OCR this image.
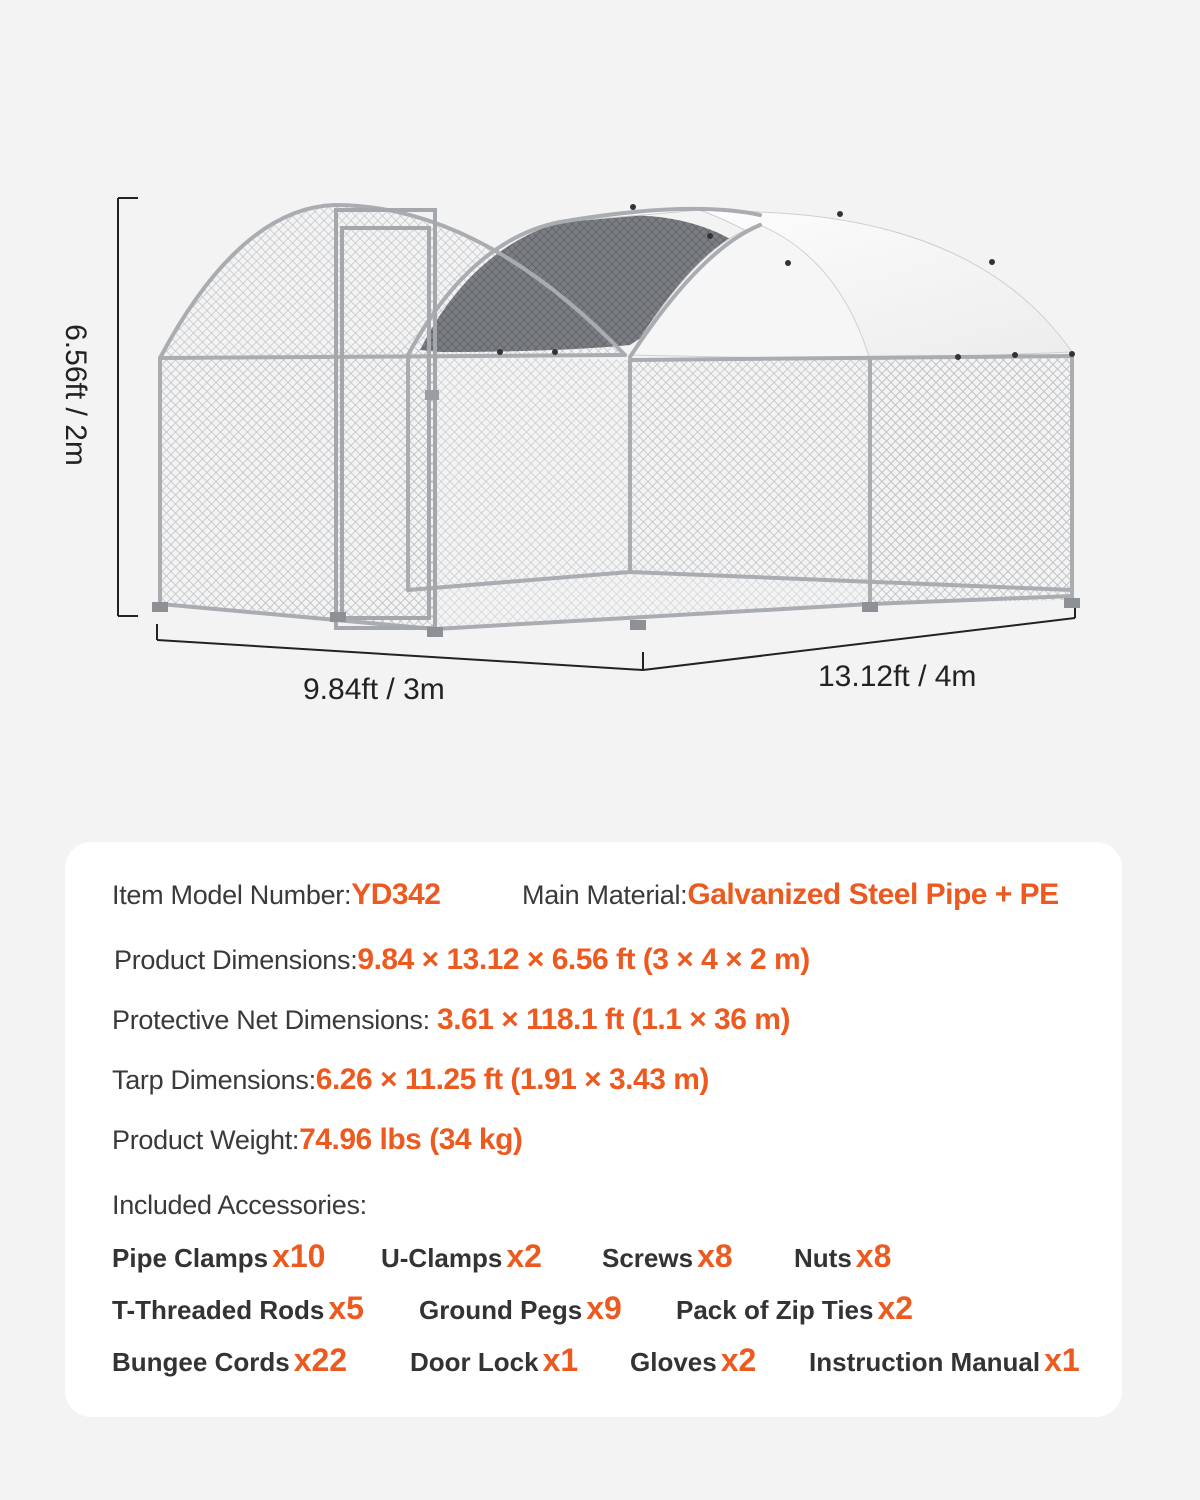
6.56ft / 2m
9.84ft / 3m	13.12ft / 4m
Item Model Number:YD342	Main Material:Galvanized Steel Pipe + PE
Product Dimensions:9.84 × 13.12 × 6.56 ft (3 × 4 × 2 m)
Protective Net Dimensions: 3.61 × 118.1 ft (1.1 × 36 m)
Tarp Dimensions:6.26 × 11.25 ft (1.91 × 3.43 m)
Product Weight:74.96 lbs (34 kg)
Included Accessories:
Pipe Clamps x10 U-Clamps x2 Screws x8 Nuts x8
T-Threaded Rods x5 Ground Pegs x9 Pack of Zip Ties x2
Bungee Cords x22 Door Lock x1 Gloves x2 Instruction Manual x1
